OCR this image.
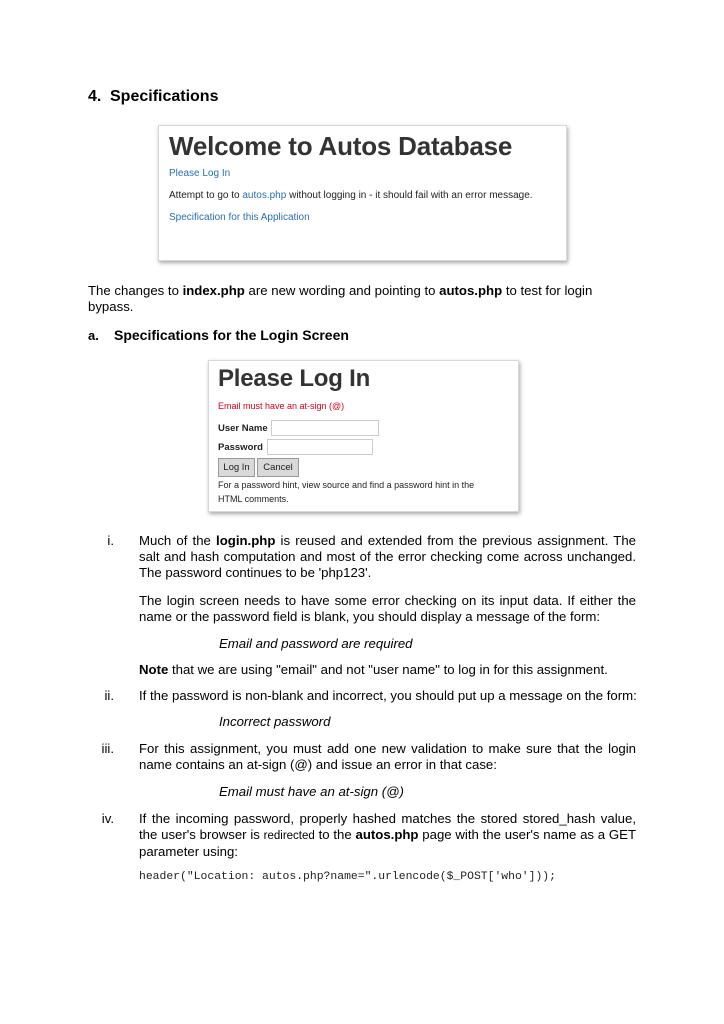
4. Specifications
Welcome to Autos Database
Please Log In
Attempt to go to autos.php without logging in - it should fail with an error message.
Specification for this Application
The changes to index.php are new wording and pointing to autos.php to test for login bypass.
a. Specifications for the Login Screen
Please Log In
Email must have an at-sign (@)
User Name
Password
Log In	Cancel
For a password hint, view source and find a password hint in the
HTML comments.
i. Much of the login.php is reused and extended from the previous assignment. The salt and hash computation and most of the error checking come across unchanged. The password continues to be 'php123'.
The login screen needs to have some error checking on its input data. If either the name or the password field is blank, you should display a message of the form:
Email and password are required
Note that we are using "email" and not "user name" to log in for this assignment.
ii. If the password is non-blank and incorrect, you should put up a message on the form:
Incorrect password
iii. For this assignment, you must add one new validation to make sure that the login name contains an at-sign (@) and issue an error in that case:
Email must have an at-sign (@)
iv. If the incoming password, properly hashed matches the stored stored_hash value, the user's browser is redirected to the autos.php page with the user's name as a GET parameter using:
header("Location: autos.php?name=".urlencode($_POST['who']));
